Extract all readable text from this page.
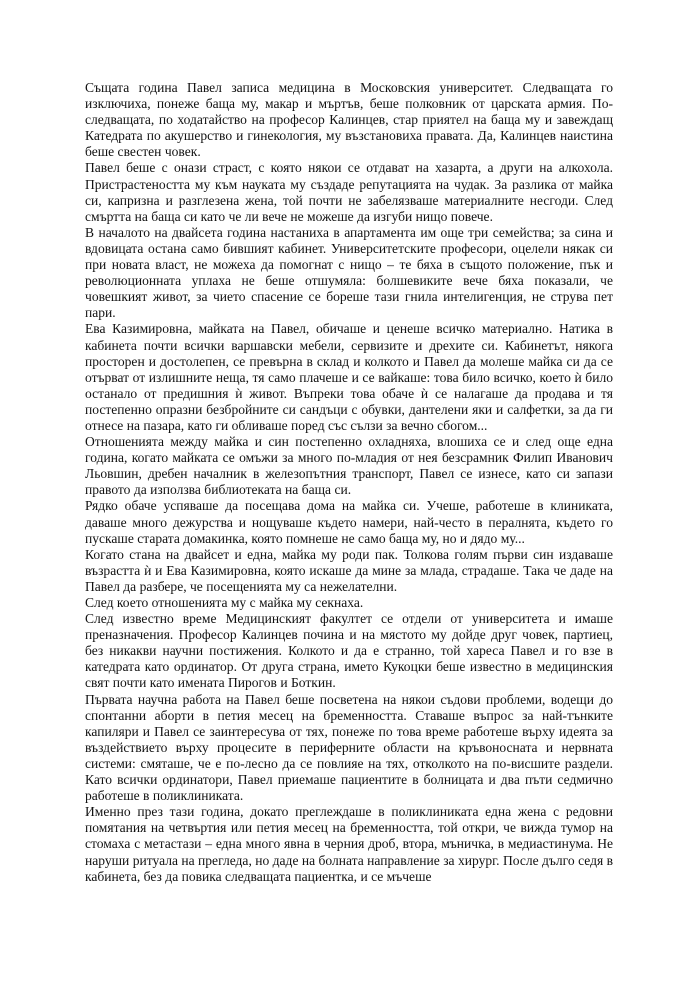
Същата година Павел записа медицина в Московския университет. Следващата го изключиха, понеже баща му, макар и мъртъв, беше полковник от царската армия. По-следващата, по ходатайство на професор Калинцев, стар приятел на баща му и завеждащ Катедрата по акушерство и гинекология, му възстановиха правата. Да, Калинцев наистина беше свестен човек.

Павел беше с онази страст, с която някои се отдават на хазарта, а други на алкохола. Пристрастеността му към науката му създаде репутацията на чудак. За разлика от майка си, капризна и разглезена жена, той почти не забелязваше материалните несгоди. След смъртта на баща си като че ли вече не можеше да изгуби нищо повече.

В началото на двайсета година настаниха в апартамента им още три семейства; за сина и вдовицата остана само бившият кабинет. Университетските професори, оцелели някак си при новата власт, не можеха да помогнат с нищо – те бяха в същото положение, пък и революционната уплаха не беше отшумяла: болшевиките вече бяха показали, че човешкият живот, за чието спасение се бореше тази гнила интелигенция, не струва пет пари.

Ева Казимировна, майката на Павел, обичаше и ценеше всичко материално. Натика в кабинета почти всички варшавски мебели, сервизите и дрехите си. Кабинетът, някога просторен и достолепен, се превърна в склад и колкото и Павел да молеше майка си да се отърват от излишните неща, тя само плачеше и се вайкаше: това било всичко, което ѝ било останало от предишния ѝ живот. Въпреки това обаче ѝ се налагаше да продава и тя постепенно опразни безбройните си сандъци с обувки, дантелени яки и салфетки, за да ги отнесе на пазара, като ги обливаше поред със сълзи за вечно сбогом...

Отношенията между майка и син постепенно охладняха, влошиха се и след още една година, когато майката се омъжи за много по-младия от нея безсрамник Филип Иванович Льовшин, дребен началник в железопътния транспорт, Павел се изнесе, като си запази правото да използва библиотеката на баща си.

Рядко обаче успяваше да посещава дома на майка си. Учеше, работеше в клиниката, даваше много дежурства и нощуваше където намери, най-често в пералнята, където го пускаше старата домакинка, която помнеше не само баща му, но и дядо му...

Когато стана на двайсет и една, майка му роди пак. Толкова голям първи син издаваше възрастта ѝ и Ева Казимировна, която искаше да мине за млада, страдаше. Така че даде на Павел да разбере, че посещенията му са нежелателни.

След което отношенията му с майка му секнаха.

След известно време Медицинският факултет се отдели от университета и имаше преназначения. Професор Калинцев почина и на мястото му дойде друг човек, партиец, без никакви научни постижения. Колкото и да е странно, той хареса Павел и го взе в катедрата като ординатор. От друга страна, името Кукоцки беше известно в медицинския свят почти като имената Пирогов и Боткин.

Първата научна работа на Павел беше посветена на някои съдови проблеми, водещи до спонтанни аборти в петия месец на бременността. Ставаше въпрос за най-тънките капиляри и Павел се заинтересува от тях, понеже по това време работеше върху идеята за въздействието върху процесите в периферните области на кръвоносната и нервната системи: смяташе, че е по-лесно да се повлияе на тях, отколкото на по-висшите раздели. Като всички ординатори, Павел приемаше пациентите в болницата и два пъти седмично работеше в поликлиниката.

Именно през тази година, докато преглеждаше в поликлиниката една жена с редовни помятания на четвъртия или петия месец на бременността, той откри, че вижда тумор на стомаха с метастази – една много явна в черния дроб, втора, мъничка, в медиастинума. Не наруши ритуала на прегледа, но даде на болната направление за хирург. После дълго седя в кабинета, без да повика следващата пациентка, и се мъчеше
